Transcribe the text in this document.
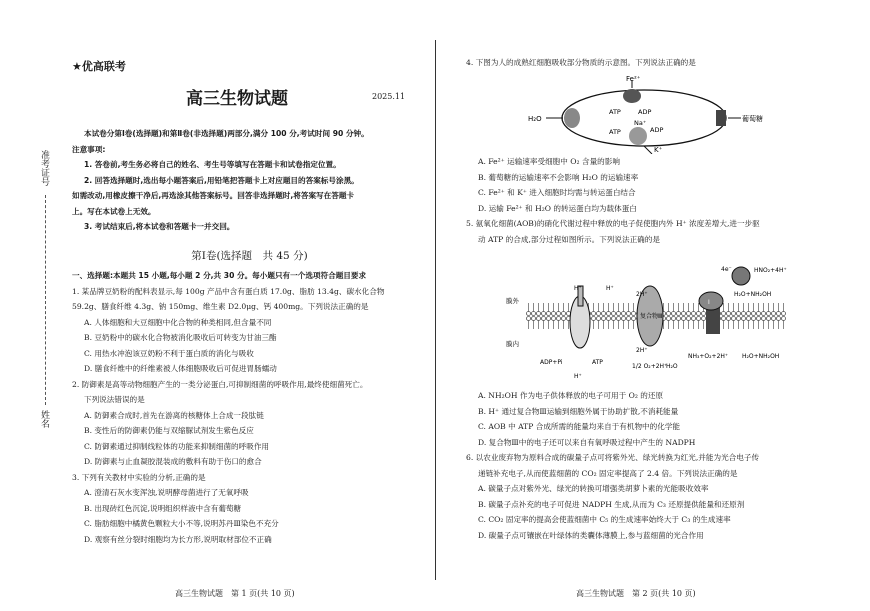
准考证号
姓名
★优高联考
高三生物试题	2025.11

本试卷分第Ⅰ卷(选择题)和第Ⅱ卷(非选择题)两部分,满分 100 分,考试时间 90 分钟。

注意事项:

1. 答卷前,考生务必将自己的姓名、考生号等填写在答题卡和试卷指定位置。

2. 回答选择题时,选出每小题答案后,用铅笔把答题卡上对应题目的答案标号涂黑。

如需改动,用橡皮擦干净后,再选涂其他答案标号。回答非选择题时,将答案写在答题卡

上。写在本试卷上无效。

3. 考试结束后,将本试卷和答题卡一并交回。

第Ⅰ卷(选择题　共 45 分)

一、选择题:本题共 15 小题,每小题 2 分,共 30 分。每小题只有一个选项符合题目要求

1. 某品牌豆奶粉的配料表显示,每 100g 产品中含有蛋白质 17.0g、脂肪 13.4g、碳水化合物

59.2g、膳食纤维 4.3g、钠 150mg、维生素 D2.0μg、钙 400mg。下列说法正确的是

A. 人体细胞和大豆细胞中化合物的种类相同,但含量不同

B. 豆奶粉中的碳水化合物被消化吸收后可转变为甘油三酯

C. 用热水冲泡该豆奶粉不利于蛋白质的消化与吸收

D. 膳食纤维中的纤维素被人体细胞吸收后可促进胃肠蠕动

2. 防御素是高等动物细胞产生的一类分泌蛋白,可抑制细菌的呼吸作用,最终使细菌死亡。

下列说法错误的是

A. 防御素合成时,首先在游离的核糖体上合成一段肽链

B. 变性后的防御素仍能与双缩脲试剂发生紫色反应

C. 防御素通过抑制线粒体的功能来抑制细菌的呼吸作用

D. 防御素与止血凝胶混装成的敷料有助于伤口的愈合

3. 下列有关教材中实验的分析,正确的是

A. 澄清石灰水变浑浊,说明酵母菌进行了无氧呼吸

B. 出现砖红色沉淀,说明组织样液中含有葡萄糖

C. 脂肪细胞中橘黄色颗粒大小不等,说明苏丹Ⅲ染色不充分

D. 观察有丝分裂时细胞均为长方形,说明取材部位不正确

高三生物试题　第 1 页(共 10 页)

4. 下图为人的成熟红细胞吸收部分物质的示意图。下列说法正确的是

Fe²⁺
H₂O
ATP	ADP
Na⁺
ATP	ADP
K⁺
葡萄糖

A. Fe²⁺ 运输速率受细胞中 O₂ 含量的影响

B. 葡萄糖的运输速率不会影响 H₂O 的运输速率

C. Fe²⁺ 和 K⁺ 进入细胞时均需与转运蛋白结合

D. 运输 Fe²⁺ 和 H₂O 的转运蛋白均为载体蛋白

5. 氨氧化细菌(AOB)的硝化代谢过程中释放的电子促使胞内外 H⁺ 浓度差增大,进一步驱

动 ATP 的合成,部分过程如图所示。下列说法正确的是

膜外
膜内
H⁺	H⁺
2H⁺
2H⁺
4e⁻
复合物Ⅲ
HNO₂+4H⁺
H₂O+NH₂OH
ADP+Pi	ATP
H⁺
1/2 O₂+2H⁺
H₂O
NH₃+O₂+2H⁺ H₂O+NH₂OH
Ⅰ

A. NH₂OH 作为电子供体释放的电子可用于 O₂ 的还原

B. H⁺ 通过复合物Ⅲ运输到细胞外属于协助扩散,不消耗能量

C. AOB 中 ATP 合成所需的能量均来自于有机物中的化学能

D. 复合物Ⅲ中的电子还可以来自有氧呼吸过程中产生的 NADPH

6. 以农业废弃物为原料合成的碳量子点可将紫外光、绿光转换为红光,并能为光合电子传

递链补充电子,从而使蓝细菌的 CO₂ 固定率提高了 2.4 倍。下列说法正确的是

A. 碳量子点对紫外光、绿光的转换可增强类胡萝卜素的光能吸收效率

B. 碳量子点补充的电子可促进 NADPH 生成,从而为 C₃ 还原提供能量和还原剂

C. CO₂ 固定率的提高会使蓝细菌中 C₅ 的生成速率始终大于 C₃ 的生成速率

D. 碳量子点可镶嵌在叶绿体的类囊体薄膜上,参与蓝细菌的光合作用

高三生物试题　第 2 页(共 10 页)
